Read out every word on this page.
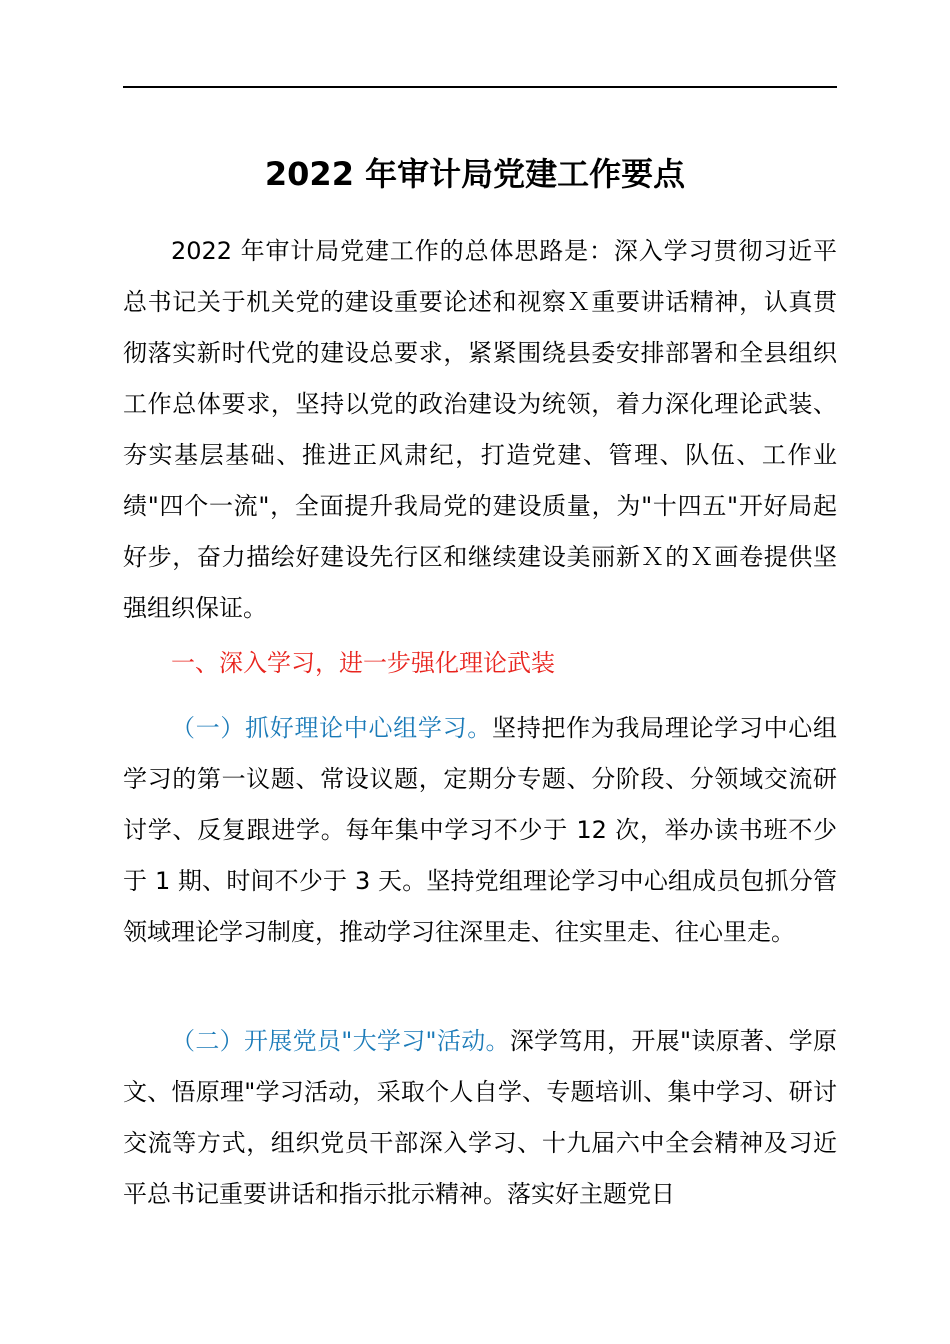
2022 年审计局党建工作要点

2022 年审计局党建工作的总体思路是：深入学习贯彻习近平总书记关于机关党的建设重要论述和视察Ｘ重要讲话精神，认真贯彻落实新时代党的建设总要求，紧紧围绕县委安排部署和全县组织工作总体要求，坚持以党的政治建设为统领，着力深化理论武装、夯实基层基础、推进正风肃纪，打造党建、管理、队伍、工作业绩"四个一流"，全面提升我局党的建设质量，为"十四五"开好局起好步，奋力描绘好建设先行区和继续建设美丽新Ｘ的Ｘ画卷提供坚强组织保证。

一、深入学习，进一步强化理论武装

（一）抓好理论中心组学习。坚持把作为我局理论学习中心组学习的第一议题、常设议题，定期分专题、分阶段、分领域交流研讨学、反复跟进学。每年集中学习不少于 12 次，举办读书班不少于 1 期、时间不少于 3 天。坚持党组理论学习中心组成员包抓分管领域理论学习制度，推动学习往深里走、往实里走、往心里走。

（二）开展党员"大学习"活动。深学笃用，开展"读原著、学原文、悟原理"学习活动，采取个人自学、专题培训、集中学习、研讨交流等方式，组织党员干部深入学习、十九届六中全会精神及习近平总书记重要讲话和指示批示精神。落实好主题党日
